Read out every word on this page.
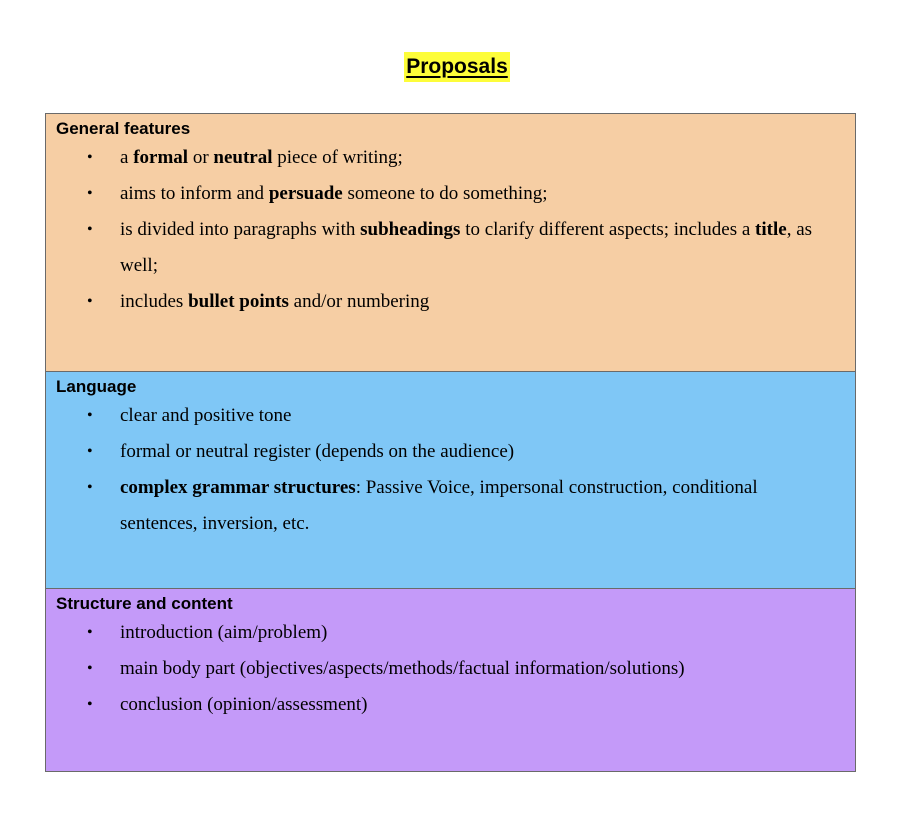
Proposals
General features
• a formal or neutral piece of writing;
• aims to inform and persuade someone to do something;
• is divided into paragraphs with subheadings to clarify different aspects; includes a title, as well;
• includes bullet points and/or numbering
Language
• clear and positive tone
• formal or neutral register (depends on the audience)
• complex grammar structures: Passive Voice, impersonal construction, conditional sentences, inversion, etc.
Structure and content
• introduction (aim/problem)
• main body part (objectives/aspects/methods/factual information/solutions)
• conclusion (opinion/assessment)
